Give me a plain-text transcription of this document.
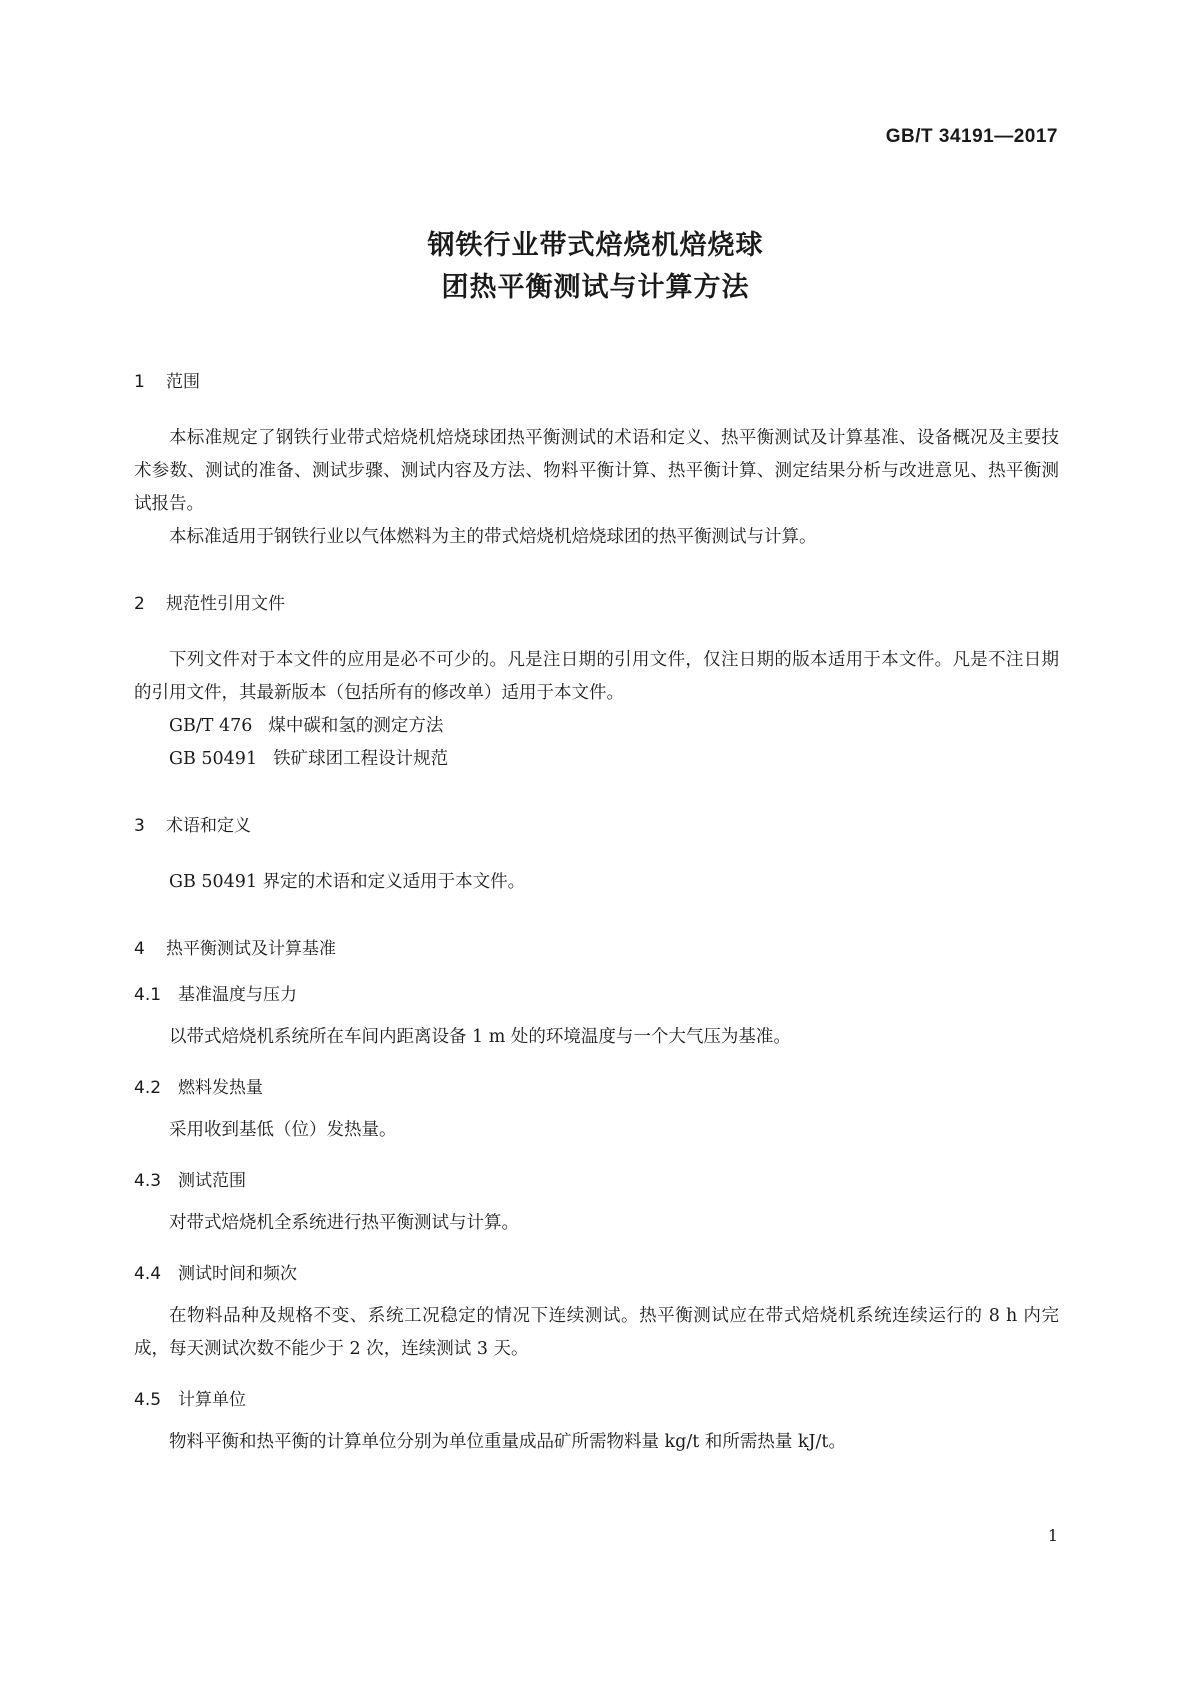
GB/T 34191—2017
钢铁行业带式焙烧机焙烧球
团热平衡测试与计算方法
1 范围

本标准规定了钢铁行业带式焙烧机焙烧球团热平衡测试的术语和定义、热平衡测试及计算基准、设备概况及主要技术参数、测试的准备、测试步骤、测试内容及方法、物料平衡计算、热平衡计算、测定结果分析与改进意见、热平衡测试报告。

本标准适用于钢铁行业以气体燃料为主的带式焙烧机焙烧球团的热平衡测试与计算。

2 规范性引用文件

下列文件对于本文件的应用是必不可少的。凡是注日期的引用文件，仅注日期的版本适用于本文件。凡是不注日期的引用文件，其最新版本（包括所有的修改单）适用于本文件。

GB/T 476 煤中碳和氢的测定方法
GB 50491 铁矿球团工程设计规范
3 术语和定义

GB 50491 界定的术语和定义适用于本文件。

4 热平衡测试及计算基准
4.1 基准温度与压力

以带式焙烧机系统所在车间内距离设备 1 m 处的环境温度与一个大气压为基准。

4.2 燃料发热量

采用收到基低（位）发热量。

4.3 测试范围

对带式焙烧机全系统进行热平衡测试与计算。

4.4 测试时间和频次

在物料品种及规格不变、系统工况稳定的情况下连续测试。热平衡测试应在带式焙烧机系统连续运行的 8 h 内完成，每天测试次数不能少于 2 次，连续测试 3 天。

4.5 计算单位

物料平衡和热平衡的计算单位分别为单位重量成品矿所需物料量 kg/t 和所需热量 kJ/t。

1
